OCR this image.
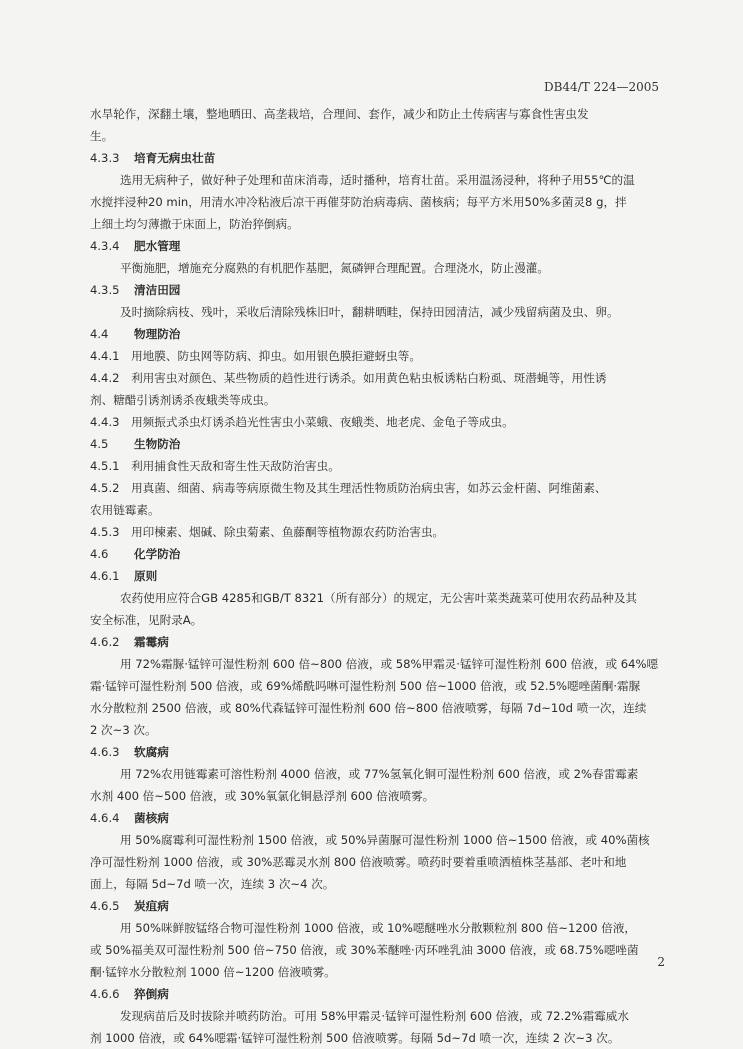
DB44/T 224—2005
水旱轮作，深翻土壤，整地晒田、高垄栽培，合理间、套作，减少和防止土传病害与寡食性害虫发
生。
4.3.3 培育无病虫壮苗
选用无病种子，做好种子处理和苗床消毒，适时播种，培育壮苗。采用温汤浸种，将种子用55℃的温
水搅拌浸种20 min，用清水冲冷粘液后凉干再催芽防治病毒病、菌核病；每平方米用50%多菌灵8 g，拌
上细土均匀薄撒于床面上，防治猝倒病。
4.3.4 肥水管理
平衡施肥，增施充分腐熟的有机肥作基肥，氮磷钾合理配置。合理浇水，防止漫灌。
4.3.5 清洁田园
及时摘除病枝、残叶，采收后清除残株旧叶，翻耕晒畦，保持田园清洁，减少残留病菌及虫、卵。
4.4 物理防治
4.4.1　用地膜、防虫网等防病、抑虫。如用银色膜拒避蚜虫等。
4.4.2　利用害虫对颜色、某些物质的趋性进行诱杀。如用黄色粘虫板诱粘白粉虱、斑潜蝇等，用性诱
剂、糖醋引诱剂诱杀夜蛾类等成虫。
4.4.3　用频振式杀虫灯诱杀趋光性害虫小菜蛾、夜蛾类、地老虎、金龟子等成虫。
4.5 生物防治
4.5.1　利用捕食性天敌和寄生性天敌防治害虫。
4.5.2　用真菌、细菌、病毒等病原微生物及其生理活性物质防治病虫害，如苏云金杆菌、阿维菌素、
农用链霉素。
4.5.3　用印楝素、烟碱、除虫菊素、鱼藤酮等植物源农药防治害虫。
4.6 化学防治
4.6.1 原则
农药使用应符合GB 4285和GB/T 8321（所有部分）的规定，无公害叶菜类蔬菜可使用农药品种及其
安全标准，见附录A。
4.6.2 霜霉病
用 72%霜脲·锰锌可湿性粉剂 600 倍~800 倍液，或 58%甲霜灵·锰锌可湿性粉剂 600 倍液，或 64%噁
霜·锰锌可湿性粉剂 500 倍液，或 69%烯酰吗啉可湿性粉剂 500 倍~1000 倍液，或 52.5%噁唑菌酮·霜脲
水分散粒剂 2500 倍液，或 80%代森锰锌可湿性粉剂 600 倍~800 倍液喷雾，每隔 7d~10d 喷一次，连续
2 次~3 次。
4.6.3 软腐病
用 72%农用链霉素可溶性粉剂 4000 倍液，或 77%氢氧化铜可湿性粉剂 600 倍液，或 2%春雷霉素
水剂 400 倍~500 倍液，或 30%氧氯化铜悬浮剂 600 倍液喷雾。
4.6.4 菌核病
用 50%腐霉利可湿性粉剂 1500 倍液，或 50%异菌脲可湿性粉剂 1000 倍~1500 倍液，或 40%菌核
净可湿性粉剂 1000 倍液，或 30%恶霉灵水剂 800 倍液喷雾。喷药时要着重喷洒植株茎基部、老叶和地
面上，每隔 5d~7d 喷一次，连续 3 次~4 次。
4.6.5 炭疽病
用 50%咪鲜胺锰络合物可湿性粉剂 1000 倍液，或 10%噁醚唑水分散颗粒剂 800 倍~1200 倍液，
或 50%福美双可湿性粉剂 500 倍~750 倍液，或 30%苯醚唑·丙环唑乳油 3000 倍液，或 68.75%噁唑菌
酮·锰锌水分散粒剂 1000 倍~1200 倍液喷雾。
4.6.6 猝倒病
发现病苗后及时拔除并喷药防治。可用 58%甲霜灵·锰锌可湿性粉剂 600 倍液，或 72.2%霜霉威水
剂 1000 倍液，或 64%噁霜·锰锌可湿性粉剂 500 倍液喷雾。每隔 5d~7d 喷一次，连续 2 次~3 次。
2
